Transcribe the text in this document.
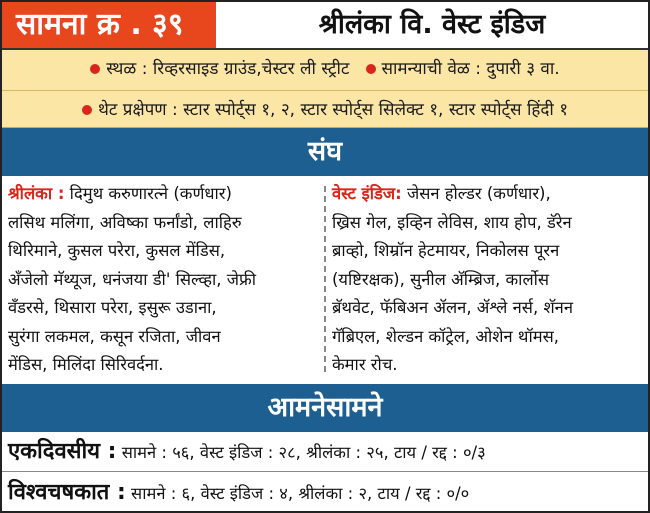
सामना क्र . ३९	श्रीलंका वि. वेस्ट इंडिज
स्थळ : रिव्हरसाइड ग्राउंड,चेस्टर ली स्ट्रीट सामन्याची वेळ : दुपारी ३ वा.
थेट प्रक्षेपण : स्टार स्पोर्ट्स १, २, स्टार स्पोर्ट्स सिलेक्ट १, स्टार स्पोर्ट्स हिंदी १
संघ
श्रीलंका : दिमुथ करुणारत्ने (कर्णधार)
लसिथ मलिंगा, अविष्का फर्नांडो, लाहिरु
थिरिमाने, कुसल परेरा, कुसल मेंडिस,
अँजेलो मॅथ्यूज, धनंजया डी' सिल्व्हा, जेफ्री
वँडरसे, थिसारा परेरा, इसुरू उडाना,
सुरंगा लकमल, कसून रजिता, जीवन
मेंडिस, मिलिंदा सिरिवर्दना.
वेस्ट इंडिज: जेसन होल्डर (कर्णधार),
ख्रिस गेल, इव्हिन लेविस, शाय होप, डॅरेन
ब्राव्हो, शिम्रॉन हेटमायर, निकोलस पूरन
(यष्टिरक्षक), सुनील अ‍ॅम्ब्रिज, कार्लोस
ब्रॅथवेट, फॅबिअन ॲलन, ॲश्ले नर्स, शॅनन
गॅब्रिएल, शेल्डन कॉट्रेल, ओशेन थॉमस,
केमार रोच.
आमनेसामने
एकदिवसीय : सामने : ५६, वेस्ट इंडिज : २८, श्रीलंका : २५, टाय / रद्द : ०/३
विश्वचषकात : सामने : ६, वेस्ट इंडिज : ४, श्रीलंका : २, टाय / रद्द : ०/०
